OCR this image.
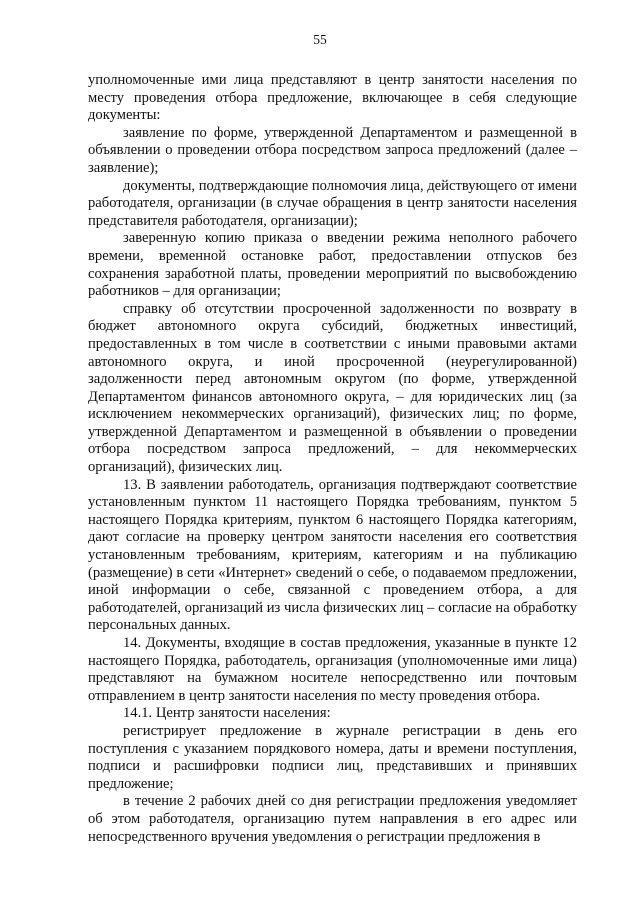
55

уполномоченные ими лица представляют в центр занятости населения по месту проведения отбора предложение, включающее в себя следующие документы:

заявление по форме, утвержденной Департаментом и размещенной в объявлении о проведении отбора посредством запроса предложений (далее – заявление);

документы, подтверждающие полномочия лица, действующего от имени работодателя, организации (в случае обращения в центр занятости населения представителя работодателя, организации);

заверенную копию приказа о введении режима неполного рабочего времени, временной остановке работ, предоставлении отпусков без сохранения заработной платы, проведении мероприятий по высвобождению работников – для организации;

справку об отсутствии просроченной задолженности по возврату в бюджет автономного округа субсидий, бюджетных инвестиций, предоставленных в том числе в соответствии с иными правовыми актами автономного округа, и иной просроченной (неурегулированной) задолженности перед автономным округом (по форме, утвержденной Департаментом финансов автономного округа, – для юридических лиц (за исключением некоммерческих организаций), физических лиц; по форме, утвержденной Департаментом и размещенной в объявлении о проведении отбора посредством запроса предложений, – для некоммерческих организаций), физических лиц.

13. В заявлении работодатель, организация подтверждают соответствие установленным пунктом 11 настоящего Порядка требованиям, пунктом 5 настоящего Порядка критериям, пунктом 6 настоящего Порядка категориям, дают согласие на проверку центром занятости населения его соответствия установленным требованиям, критериям, категориям и на публикацию (размещение) в сети «Интернет» сведений о себе, о подаваемом предложении, иной информации о себе, связанной с проведением отбора, а для работодателей, организаций из числа физических лиц – согласие на обработку персональных данных.

14. Документы, входящие в состав предложения, указанные в пункте 12 настоящего Порядка, работодатель, организация (уполномоченные ими лица) представляют на бумажном носителе непосредственно или почтовым отправлением в центр занятости населения по месту проведения отбора.

14.1. Центр занятости населения:

регистрирует предложение в журнале регистрации в день его поступления с указанием порядкового номера, даты и времени поступления, подписи и расшифровки подписи лиц, представивших и принявших предложение;

в течение 2 рабочих дней со дня регистрации предложения уведомляет об этом работодателя, организацию путем направления в его адрес или непосредственного вручения уведомления о регистрации предложения в
